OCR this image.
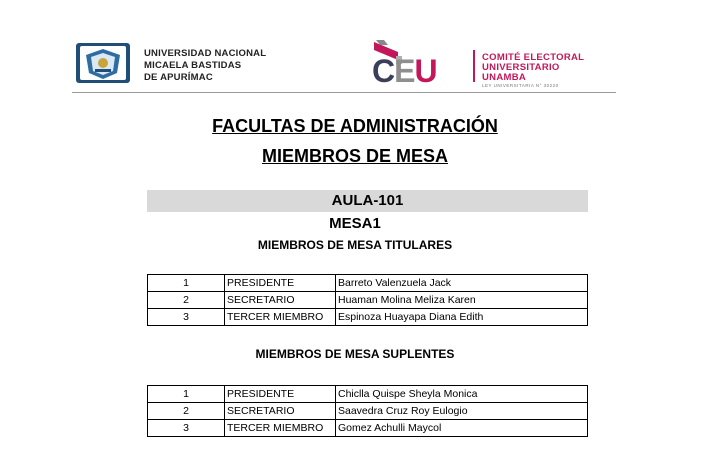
UNIVERSIDAD NACIONAL
MICAELA BASTIDAS
DE APURÍMAC	CEU	COMITÉ ELECTORAL
UNIVERSITARIO
UNAMBA
LEY UNIVERSITARIA N° 30220
FACULTAS DE ADMINISTRACIÓN
MIEMBROS DE MESA
AULA-101
MESA1
MIEMBROS DE MESA TITULARES
1	PRESIDENTE	Barreto Valenzuela Jack
2	SECRETARIO	Huaman Molina Meliza Karen
3	TERCER MIEMBRO	Espinoza Huayapa Diana Edith
MIEMBROS DE MESA SUPLENTES
1	PRESIDENTE	Chiclla Quispe Sheyla Monica
2	SECRETARIO	Saavedra Cruz Roy Eulogio
3	TERCER MIEMBRO	Gomez Achulli Maycol
